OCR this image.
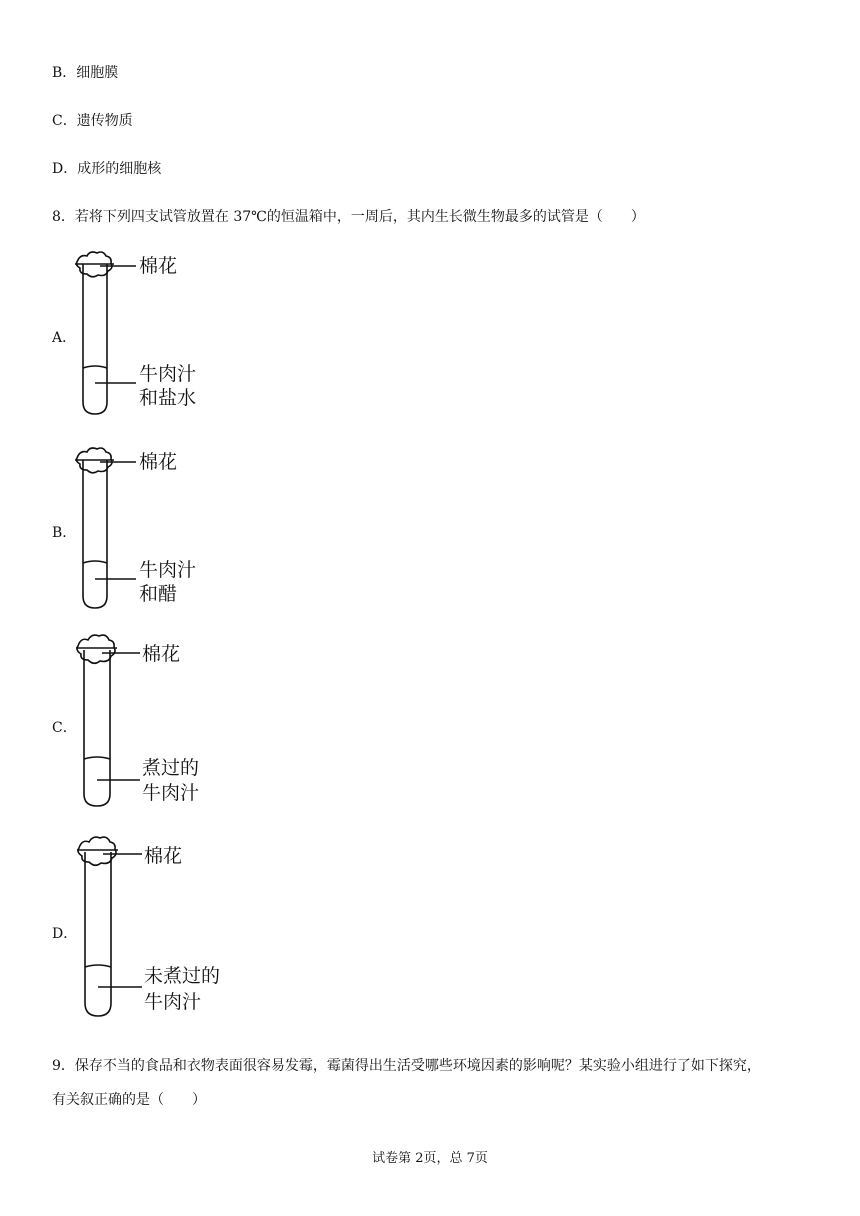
B．细胞膜
C．遗传物质
D．成形的细胞核
8．若将下列四支试管放置在 37℃的恒温箱中，一周后，其内生长微生物最多的试管是（　　）
A．
棉花
牛肉汁
和盐水
B．
棉花
牛肉汁
和醋
C．
棉花
煮过的
牛肉汁
D．
棉花
未煮过的
牛肉汁
9．保存不当的食品和衣物表面很容易发霉，霉菌得出生活受哪些环境因素的影响呢？某实验小组进行了如下探究，
有关叙正确的是（　　）
试卷第 2页，总 7页
